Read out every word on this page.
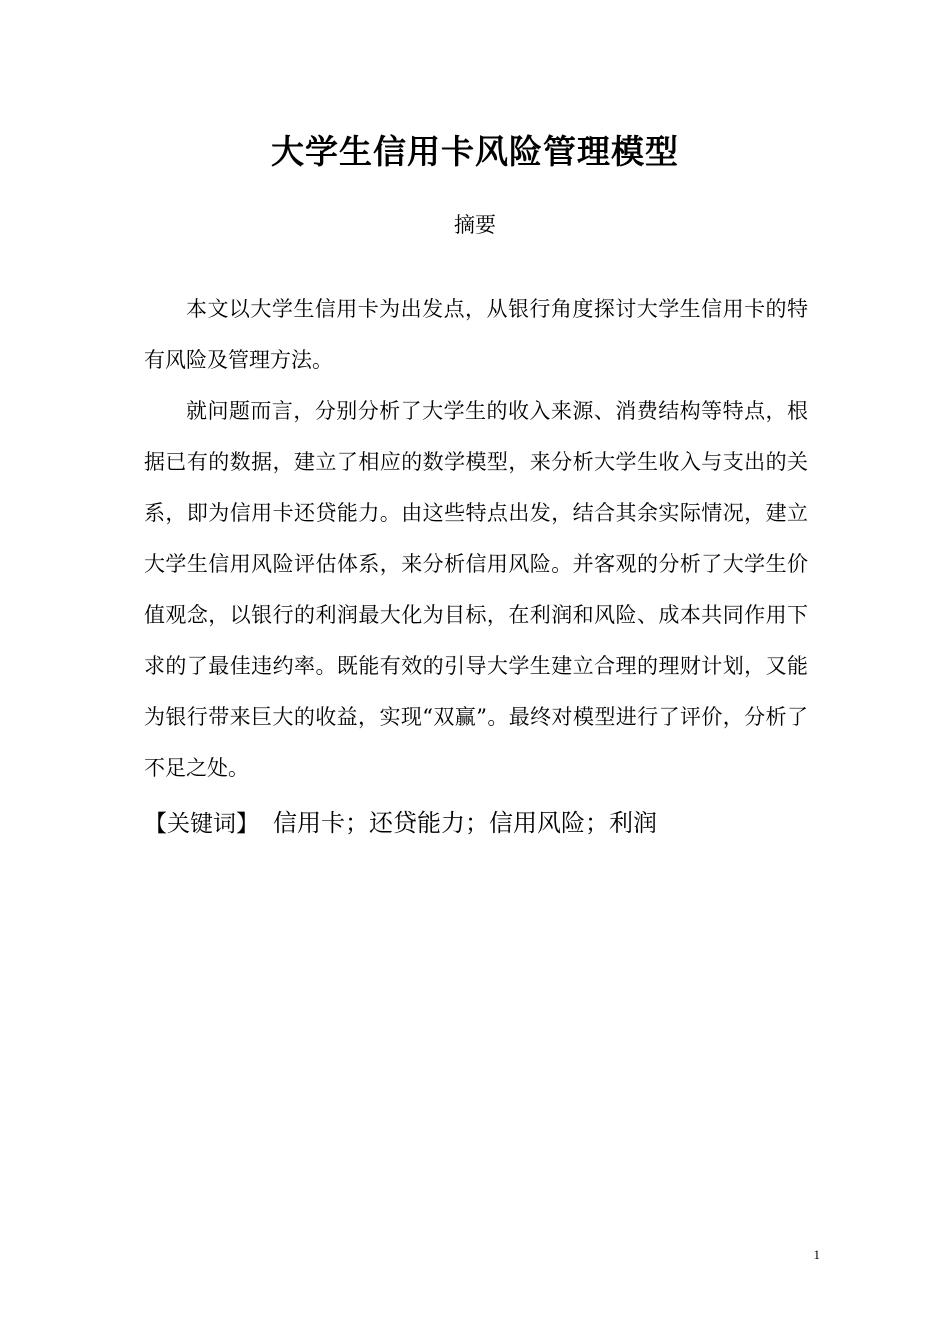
大学生信用卡风险管理模型
摘要

本文以大学生信用卡为出发点，从银行角度探讨大学生信用卡的特有风险及管理方法。

就问题而言，分别分析了大学生的收入来源、消费结构等特点，根据已有的数据，建立了相应的数学模型，来分析大学生收入与支出的关系，即为信用卡还贷能力。由这些特点出发，结合其余实际情况，建立大学生信用风险评估体系，来分析信用风险。并客观的分析了大学生价值观念，以银行的利润最大化为目标，在利润和风险、成本共同作用下求的了最佳违约率。既能有效的引导大学生建立合理的理财计划，又能为银行带来巨大的收益，实现“双赢”。最终对模型进行了评价，分析了不足之处。

【关键词】 信用卡；还贷能力；信用风险；利润
1
